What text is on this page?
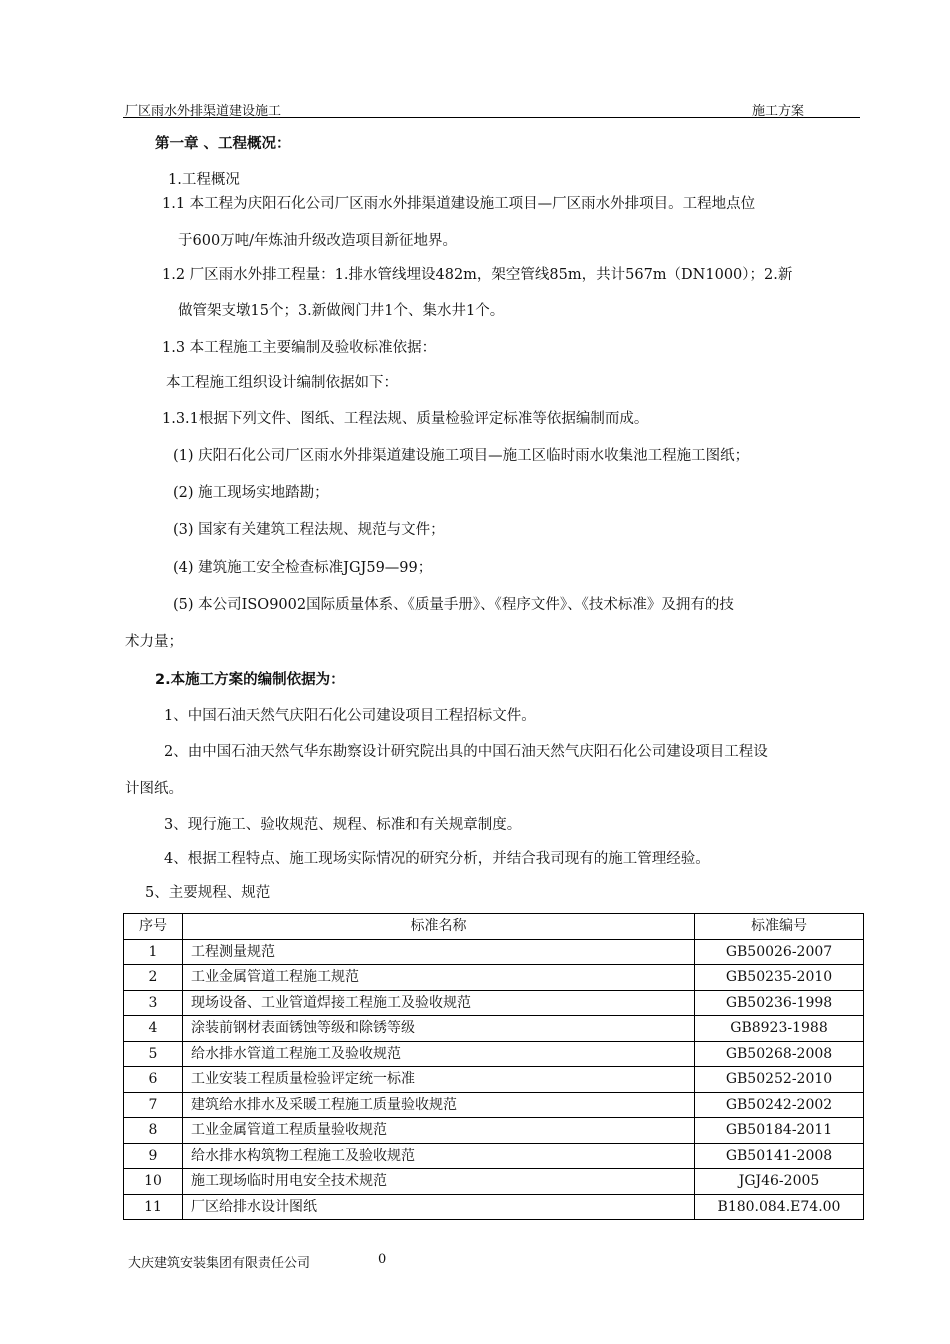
厂区雨水外排渠道建设施工	施工方案
第一章 、工程概况：
1.工程概况
1.1 本工程为庆阳石化公司厂区雨水外排渠道建设施工项目—厂区雨水外排项目。工程地点位
于600万吨/年炼油升级改造项目新征地界。
1.2 厂区雨水外排工程量：1.排水管线埋设482m，架空管线85m，共计567m（DN1000）；2.新
做管架支墩15个；3.新做阀门井1个、集水井1个。
1.3 本工程施工主要编制及验收标准依据：
本工程施工组织设计编制依据如下：
1.3.1根据下列文件、图纸、工程法规、质量检验评定标准等依据编制而成。
(1) 庆阳石化公司厂区雨水外排渠道建设施工项目—施工区临时雨水收集池工程施工图纸；
(2) 施工现场实地踏勘；
(3) 国家有关建筑工程法规、规范与文件；
(4) 建筑施工安全检查标准JGJ59—99；
(5) 本公司ISO9002国际质量体系、《质量手册》、《程序文件》、《技术标准》及拥有的技
术力量；
2.本施工方案的编制依据为：
1、中国石油天然气庆阳石化公司建设项目工程招标文件。
2、由中国石油天然气华东勘察设计研究院出具的中国石油天然气庆阳石化公司建设项目工程设
计图纸。
3、现行施工、验收规范、规程、标准和有关规章制度。
4、根据工程特点、施工现场实际情况的研究分析，并结合我司现有的施工管理经验。
5、主要规程、规范
序号	标准名称	标准编号
1	工程测量规范	GB50026-2007
2	工业金属管道工程施工规范	GB50235-2010
3	现场设备、工业管道焊接工程施工及验收规范	GB50236-1998
4	涂装前钢材表面锈蚀等级和除锈等级	GB8923-1988
5	给水排水管道工程施工及验收规范	GB50268-2008
6	工业安装工程质量检验评定统一标准	GB50252-2010
7	建筑给水排水及采暖工程施工质量验收规范	GB50242-2002
8	工业金属管道工程质量验收规范	GB50184-2011
9	给水排水构筑物工程施工及验收规范	GB50141-2008
10	施工现场临时用电安全技术规范	JGJ46-2005
11	厂区给排水设计图纸	B180.084.E74.00
大庆建筑安装集团有限责任公司	0
